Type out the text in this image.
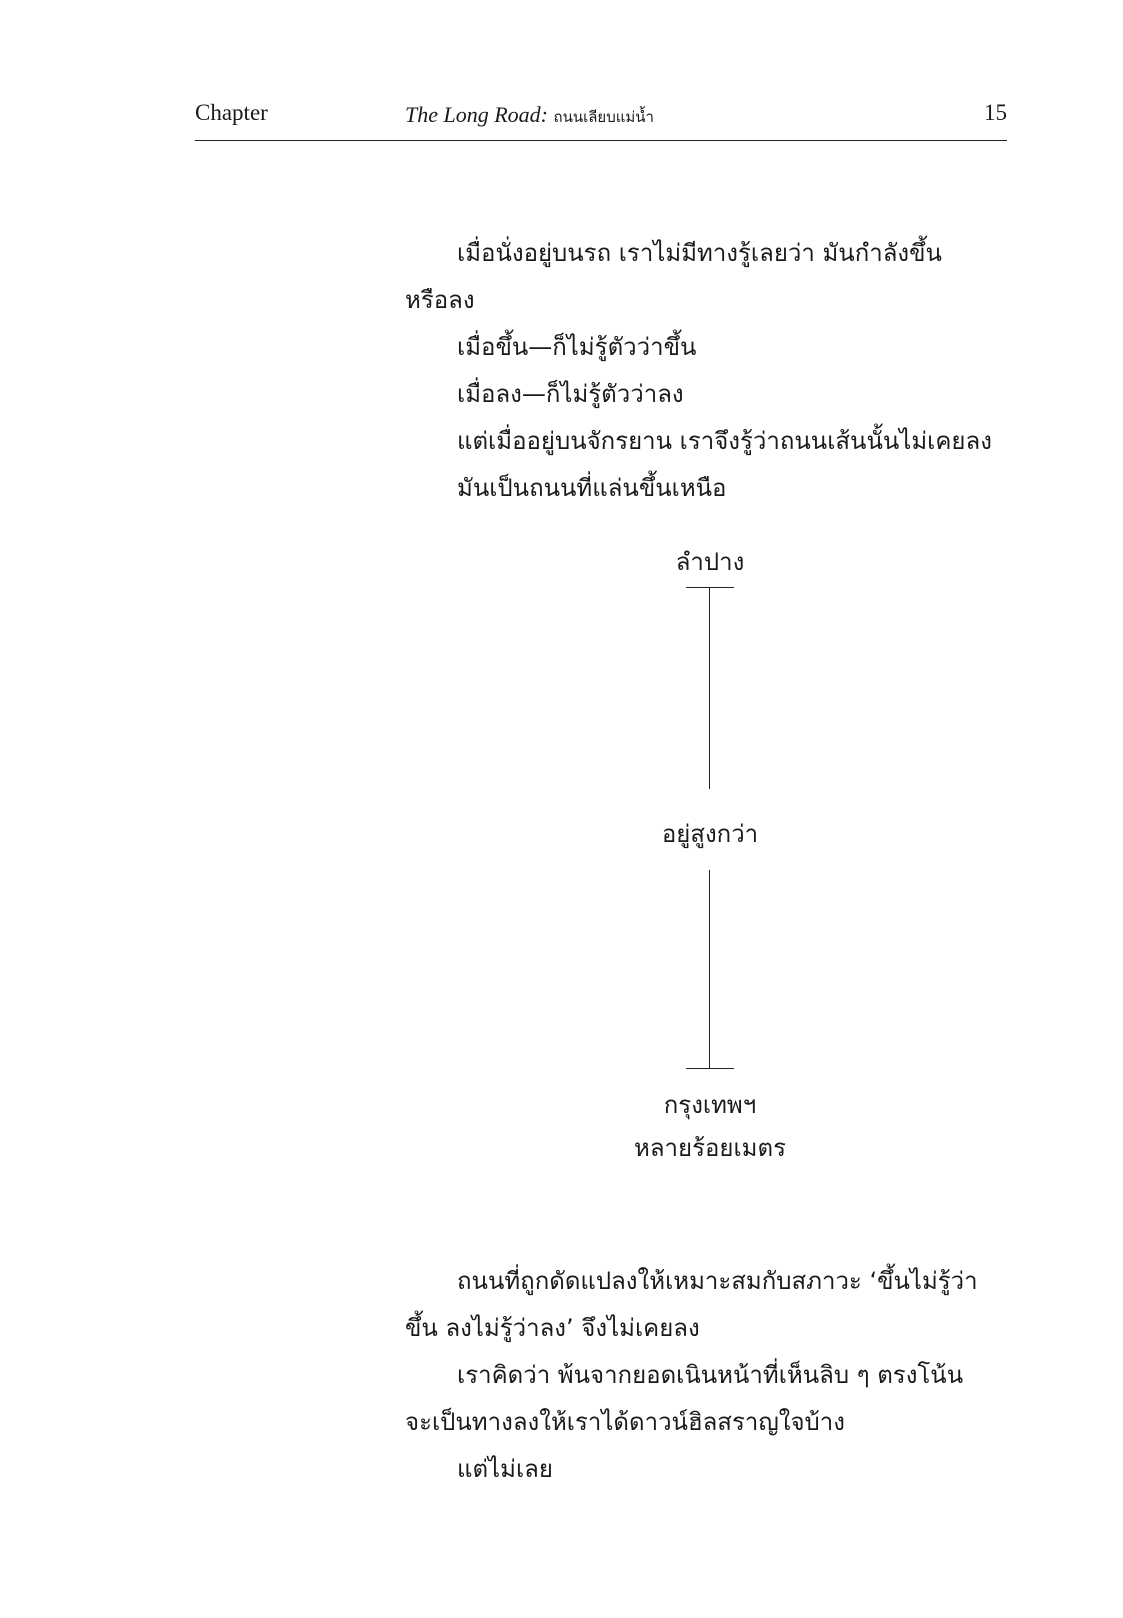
Chapter	The Long Road: ถนนเลียบแม่น้ำ	15
เมื่อนั่งอยู่บนรถ เราไม่มีทางรู้เลยว่า มันกำลังขึ้น
หรือลง
เมื่อขึ้น—ก็ไม่รู้ตัวว่าขึ้น
เมื่อลง—ก็ไม่รู้ตัวว่าลง
แต่เมื่ออยู่บนจักรยาน เราจึงรู้ว่าถนนเส้นนั้นไม่เคยลง
มันเป็นถนนที่แล่นขึ้นเหนือ
ลำปาง
อยู่สูงกว่า
กรุงเทพฯ
หลายร้อยเมตร
ถนนที่ถูกดัดแปลงให้เหมาะสมกับสภาวะ ‘ขึ้นไม่รู้ว่า
ขึ้น ลงไม่รู้ว่าลง’ จึงไม่เคยลง
เราคิดว่า พ้นจากยอดเนินหน้าที่เห็นลิบ ๆ ตรงโน้น
จะเป็นทางลงให้เราได้ดาวน์ฮิลสราญใจบ้าง
แต่ไม่เลย
